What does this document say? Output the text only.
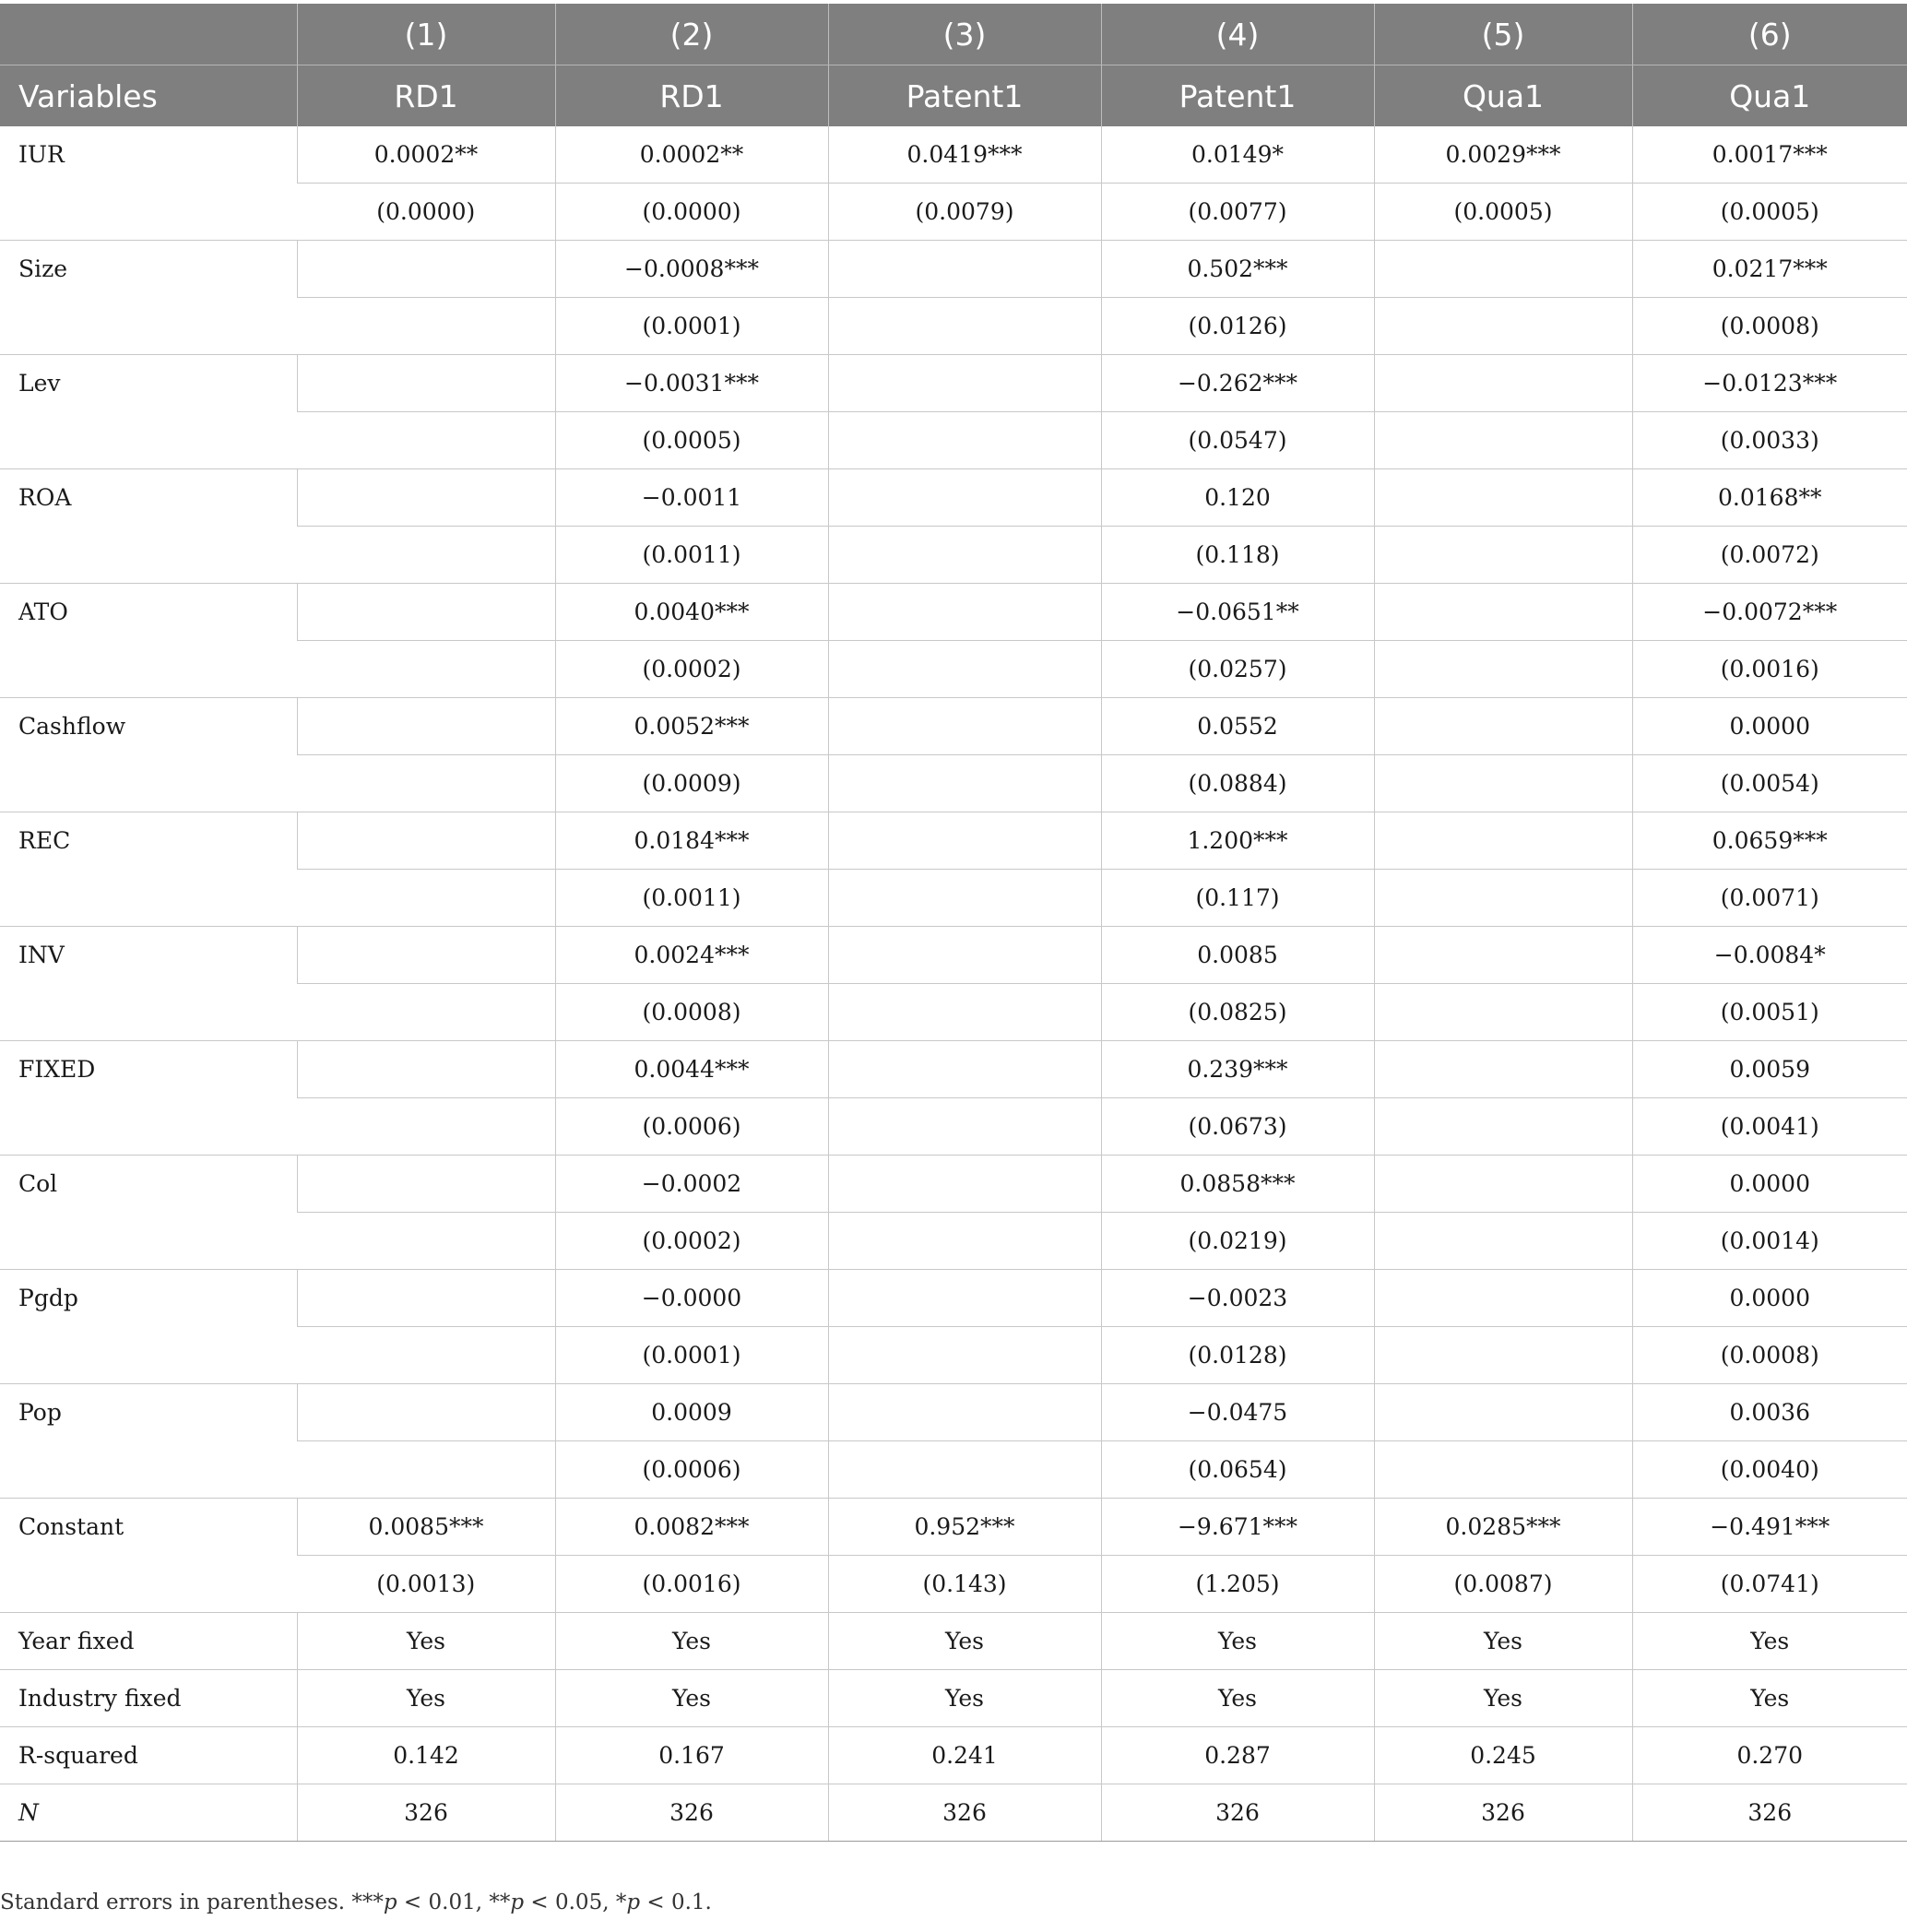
	(1)	(2)	(3)	(4)	(5)	(6)
Variables	RD1	RD1	Patent1	Patent1	Qua1	Qua1
IUR	0.0002**	0.0002**	0.0419***	0.0149*	0.0029***	0.0017***
	(0.0000)	(0.0000)	(0.0079)	(0.0077)	(0.0005)	(0.0005)
Size		−0.0008***		0.502***		0.0217***
		(0.0001)		(0.0126)		(0.0008)
Lev		−0.0031***		−0.262***		−0.0123***
		(0.0005)		(0.0547)		(0.0033)
ROA		−0.0011		0.120		0.0168**
		(0.0011)		(0.118)		(0.0072)
ATO		0.0040***		−0.0651**		−0.0072***
		(0.0002)		(0.0257)		(0.0016)
Cashflow		0.0052***		0.0552		0.0000
		(0.0009)		(0.0884)		(0.0054)
REC		0.0184***		1.200***		0.0659***
		(0.0011)		(0.117)		(0.0071)
INV		0.0024***		0.0085		−0.0084*
		(0.0008)		(0.0825)		(0.0051)
FIXED		0.0044***		0.239***		0.0059
		(0.0006)		(0.0673)		(0.0041)
Col		−0.0002		0.0858***		0.0000
		(0.0002)		(0.0219)		(0.0014)
Pgdp		−0.0000		−0.0023		0.0000
		(0.0001)		(0.0128)		(0.0008)
Pop		0.0009		−0.0475		0.0036
		(0.0006)		(0.0654)		(0.0040)
Constant	0.0085***	0.0082***	0.952***	−9.671***	0.0285***	−0.491***
	(0.0013)	(0.0016)	(0.143)	(1.205)	(0.0087)	(0.0741)
Year fixed	Yes	Yes	Yes	Yes	Yes	Yes
Industry fixed	Yes	Yes	Yes	Yes	Yes	Yes
R-squared	0.142	0.167	0.241	0.287	0.245	0.270
N	326	326	326	326	326	326
Standard errors in parentheses. ***p < 0.01, **p < 0.05, *p < 0.1.
